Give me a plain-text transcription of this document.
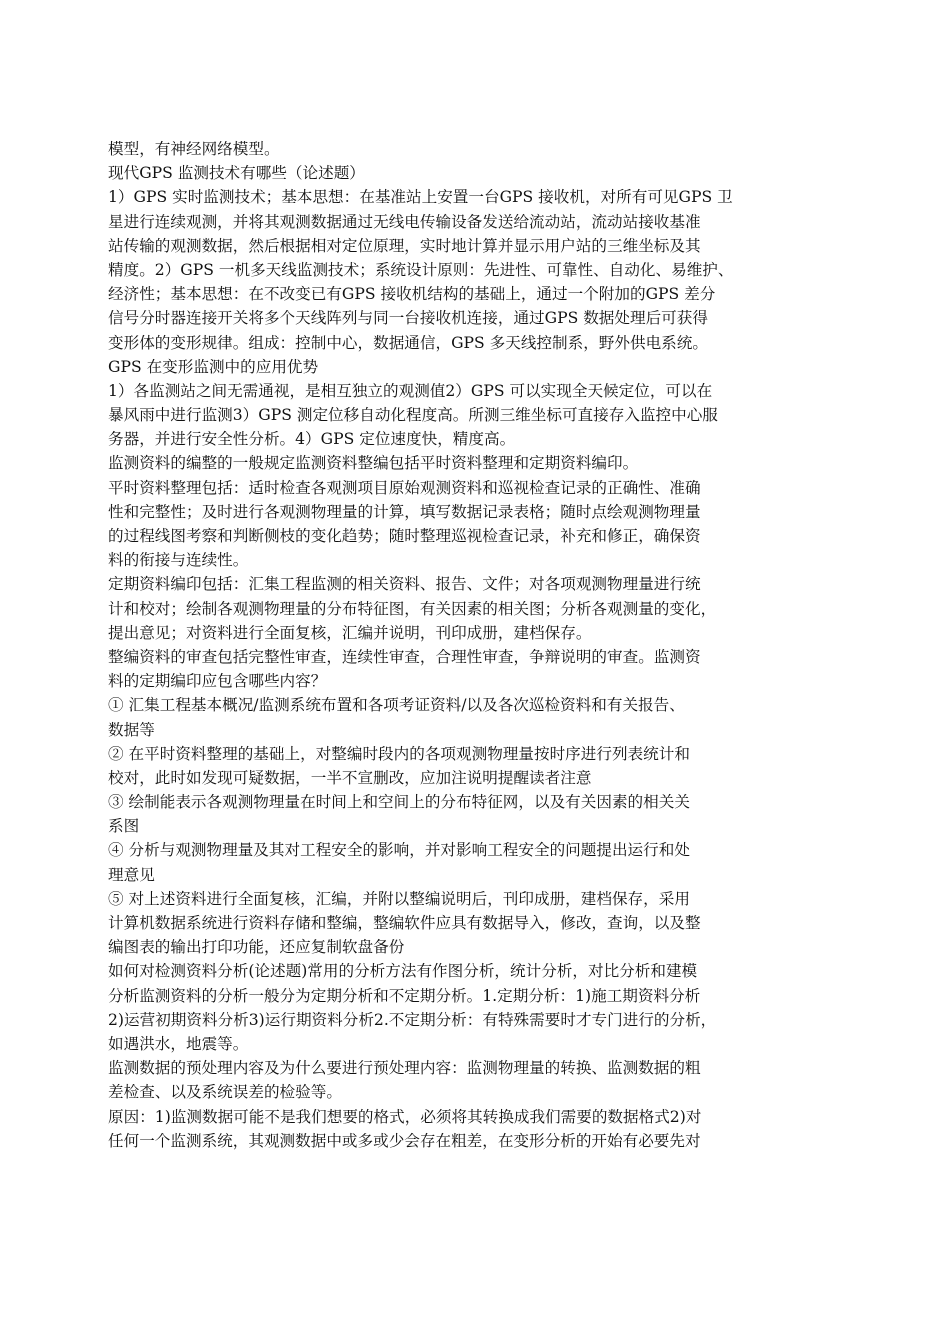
模型，有神经网络模型。
现代GPS 监测技术有哪些（论述题）
1）GPS 实时监测技术；基本思想：在基准站上安置一台GPS 接收机，对所有可见GPS 卫
星进行连续观测，并将其观测数据通过无线电传输设备发送给流动站，流动站接收基准
站传输的观测数据，然后根据相对定位原理，实时地计算并显示用户站的三维坐标及其
精度。2）GPS 一机多天线监测技术；系统设计原则：先进性、可靠性、自动化、易维护、
经济性；基本思想：在不改变已有GPS 接收机结构的基础上，通过一个附加的GPS 差分
信号分时器连接开关将多个天线阵列与同一台接收机连接，通过GPS 数据处理后可获得
变形体的变形规律。组成：控制中心，数据通信，GPS 多天线控制系，野外供电系统。
GPS 在变形监测中的应用优势
1）各监测站之间无需通视，是相互独立的观测值2）GPS 可以实现全天候定位，可以在
暴风雨中进行监测3）GPS 测定位移自动化程度高。所测三维坐标可直接存入监控中心服
务器，并进行安全性分析。4）GPS 定位速度快，精度高。
监测资料的编整的一般规定监测资料整编包括平时资料整理和定期资料编印。
平时资料整理包括：适时检查各观测项目原始观测资料和巡视检查记录的正确性、准确
性和完整性；及时进行各观测物理量的计算，填写数据记录表格；随时点绘观测物理量
的过程线图考察和判断侧枝的变化趋势；随时整理巡视检查记录，补充和修正，确保资
料的衔接与连续性。
定期资料编印包括：汇集工程监测的相关资料、报告、文件；对各项观测物理量进行统
计和校对；绘制各观测物理量的分布特征图，有关因素的相关图；分析各观测量的变化，
提出意见；对资料进行全面复核，汇编并说明，刊印成册，建档保存。
整编资料的审查包括完整性审查，连续性审查，合理性审查，争辩说明的审查。监测资
料的定期编印应包含哪些内容？
① 汇集工程基本概况/监测系统布置和各项考证资料/以及各次巡检资料和有关报告、
数据等
② 在平时资料整理的基础上，对整编时段内的各项观测物理量按时序进行列表统计和
校对，此时如发现可疑数据，一半不宣删改，应加注说明提醒读者注意
③ 绘制能表示各观测物理量在时间上和空间上的分布特征网，以及有关因素的相关关
系图
④ 分析与观测物理量及其对工程安全的影响，并对影响工程安全的问题提出运行和处
理意见
⑤ 对上述资料进行全面复核，汇编，并附以整编说明后，刊印成册，建档保存，采用
计算机数据系统进行资料存储和整编，整编软件应具有数据导入，修改，查询，以及整
编图表的输出打印功能，还应复制软盘备份
如何对检测资料分析(论述题)常用的分析方法有作图分析，统计分析，对比分析和建模
分析监测资料的分析一般分为定期分析和不定期分析。1.定期分析：1)施工期资料分析
2)运营初期资料分析3)运行期资料分析2.不定期分析：有特殊需要时才专门进行的分析，
如遇洪水，地震等。
监测数据的预处理内容及为什么要进行预处理内容：监测物理量的转换、监测数据的粗
差检查、以及系统误差的检验等。
原因：1)监测数据可能不是我们想要的格式，必须将其转换成我们需要的数据格式2)对
任何一个监测系统，其观测数据中或多或少会存在粗差，在变形分析的开始有必要先对
